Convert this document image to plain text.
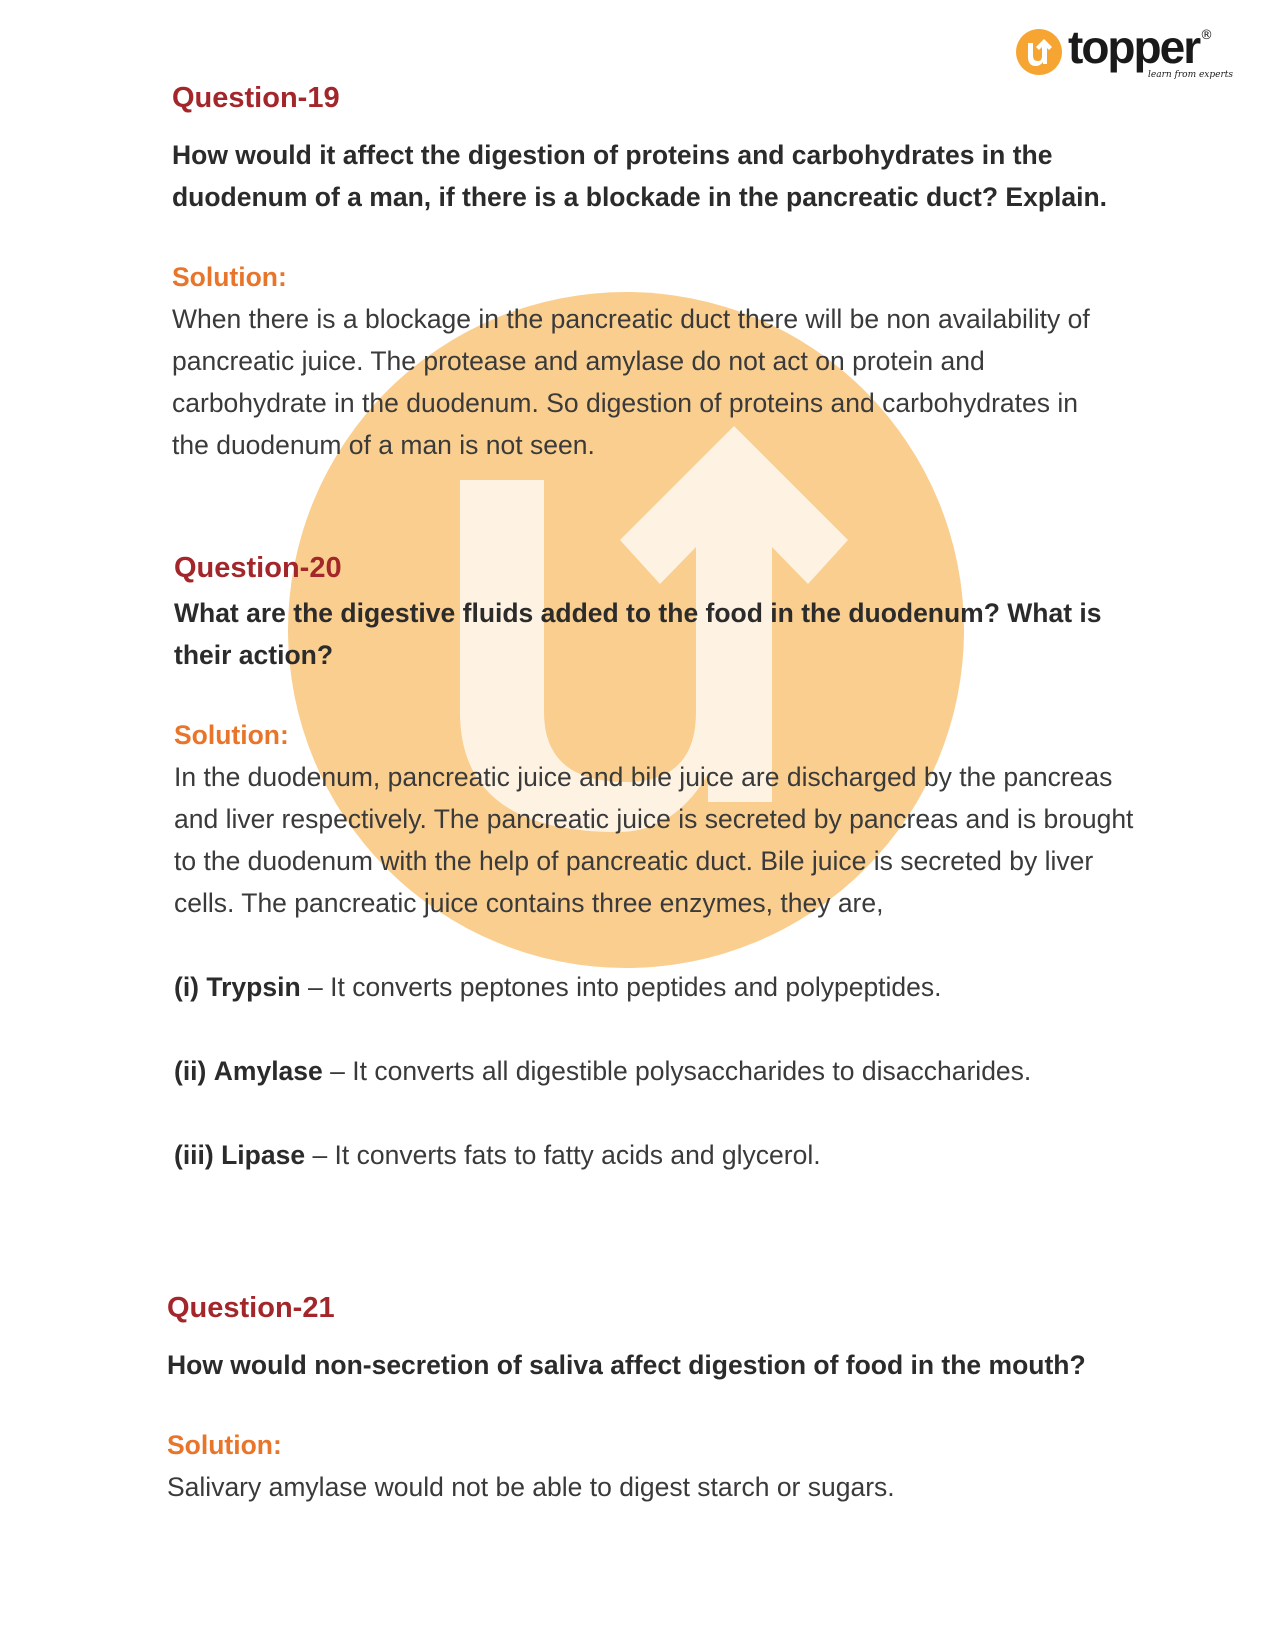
topper ®
learn from experts

Question-19

How would it affect the digestion of proteins and carbohydrates in the duodenum of a man, if there is a blockade in the pancreatic duct? Explain.

Solution:

When there is a blockage in the pancreatic duct there will be non availability of pancreatic juice. The protease and amylase do not act on protein and carbohydrate in the duodenum. So digestion of proteins and carbohydrates in the duodenum of a man is not seen.

Question-20

What are the digestive fluids added to the food in the duodenum? What is their action?

Solution:

In the duodenum, pancreatic juice and bile juice are discharged by the pancreas and liver respectively. The pancreatic juice is secreted by pancreas and is brought to the duodenum with the help of pancreatic duct. Bile juice is secreted by liver cells. The pancreatic juice contains three enzymes, they are,

(i) Trypsin – It converts peptones into peptides and polypeptides.

(ii) Amylase – It converts all digestible polysaccharides to disaccharides.

(iii) Lipase – It converts fats to fatty acids and glycerol.

Question-21

How would non-secretion of saliva affect digestion of food in the mouth?

Solution:

Salivary amylase would not be able to digest starch or sugars.
